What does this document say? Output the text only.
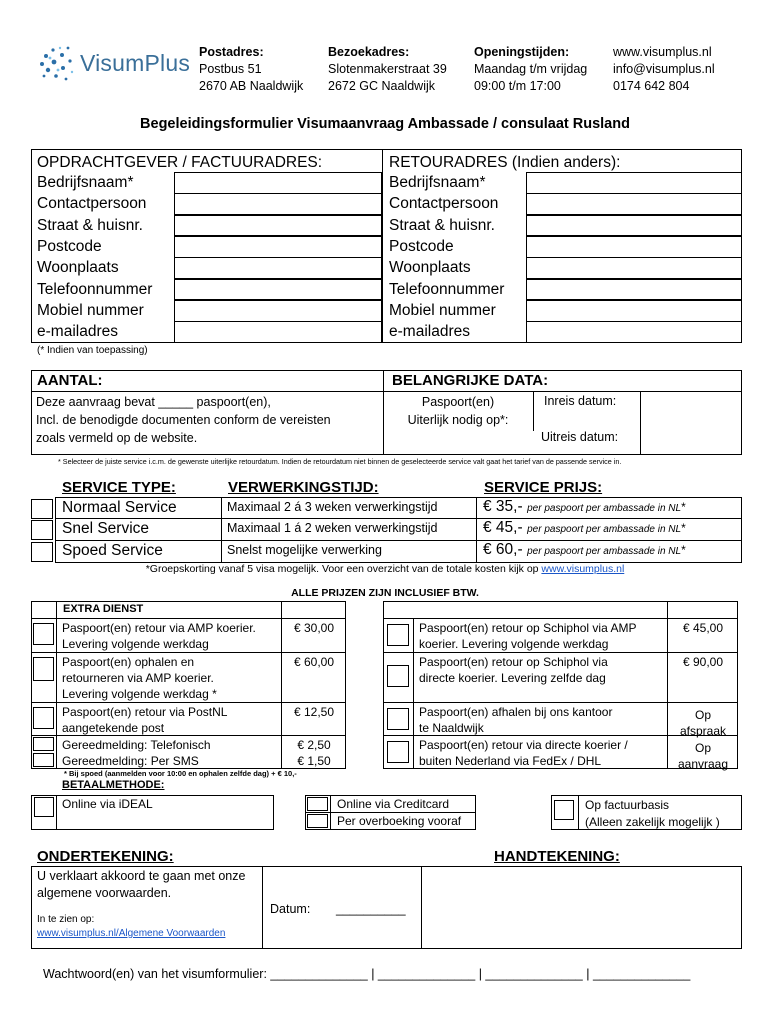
VisumPlus Postadres:
Postbus 51
2670 AB Naaldwijk
Bezoekadres:
Slotenmakerstraat 39
2672 GC Naaldwijk
Openingstijden:
Maandag t/m vrijdag
09:00 t/m 17:00
www.visumplus.nl
info@visumplus.nl
0174 642 804
Begeleidingsformulier Visumaanvraag Ambassade / consulaat Rusland
OPDRACHTGEVER / FACTUURADRES:	RETOURADRES (Indien anders):
Bedrijfsnaam*
Contactpersoon
Straat & huisnr.
Postcode
Woonplaats
Telefoonnummer
Mobiel nummer
e-mailadres
Bedrijfsnaam*
Contactpersoon
Straat & huisnr.
Postcode
Woonplaats
Telefoonnummer
Mobiel nummer
e-mailadres
(* Indien van toepassing)
AANTAL:	BELANGRIJKE DATA:
Deze aanvraag bevat _____ paspoort(en),
Incl. de benodigde documenten conform de vereisten
zoals vermeld op de website.
Paspoort(en)
Uiterlijk nodig op*:
Inreis datum:
Uitreis datum:
* Selecteer de juiste service i.c.m. de gewenste uiterlijke retourdatum. Indien de retourdatum niet binnen de geselecteerde service valt gaat het tarief van de passende service in.
SERVICE TYPE:	VERWERKINGSTIJD:	SERVICE PRIJS:
Normaal Service	Maximaal 2 á 3 weken verwerkingstijd	€ 35,- per paspoort per ambassade in NL*
Snel Service	Maximaal 1 á 2 weken verwerkingstijd	€ 45,- per paspoort per ambassade in NL*
Spoed Service	Snelst mogelijke verwerking	€ 60,- per paspoort per ambassade in NL*
*Groepskorting vanaf 5 visa mogelijk. Voor een overzicht van de totale kosten kijk op www.visumplus.nl
ALLE PRIJZEN ZIJN INCLUSIEF BTW.
EXTRA DIENST
Paspoort(en) retour via AMP koerier.
Levering volgende werkdag
€ 30,00
Paspoort(en) ophalen en
retourneren via AMP koerier.
Levering volgende werkdag *
€ 60,00
Paspoort(en) retour via PostNL
aangetekende post
€ 12,50
Gereedmelding: Telefonisch
Gereedmelding: Per SMS
€ 2,50
€ 1,50
Paspoort(en) retour op Schiphol via AMP
koerier. Levering volgende werkdag
€ 45,00
Paspoort(en) retour op Schiphol via
directe koerier. Levering zelfde dag
€ 90,00
Paspoort(en) afhalen bij ons kantoor
te Naaldwijk
Op
afspraak
Paspoort(en) retour via directe koerier /
buiten Nederland via FedEx / DHL
Op
aanvraag
* Bij spoed (aanmelden voor 10:00 en ophalen zelfde dag) + € 10,-
BETAALMETHODE:
Online via iDEAL	Online via Creditcard
Per overboeking vooraf
Op factuurbasis
(Alleen zakelijk mogelijk )
ONDERTEKENING:	HANDTEKENING:
U verklaart akkoord te gaan met onze
algemene voorwaarden.
In te zien op:
www.visumplus.nl/Algemene Voorwaarden
Datum: __________
Wachtwoord(en) van het visumformulier: ______________ | ______________ | ______________ | ______________
